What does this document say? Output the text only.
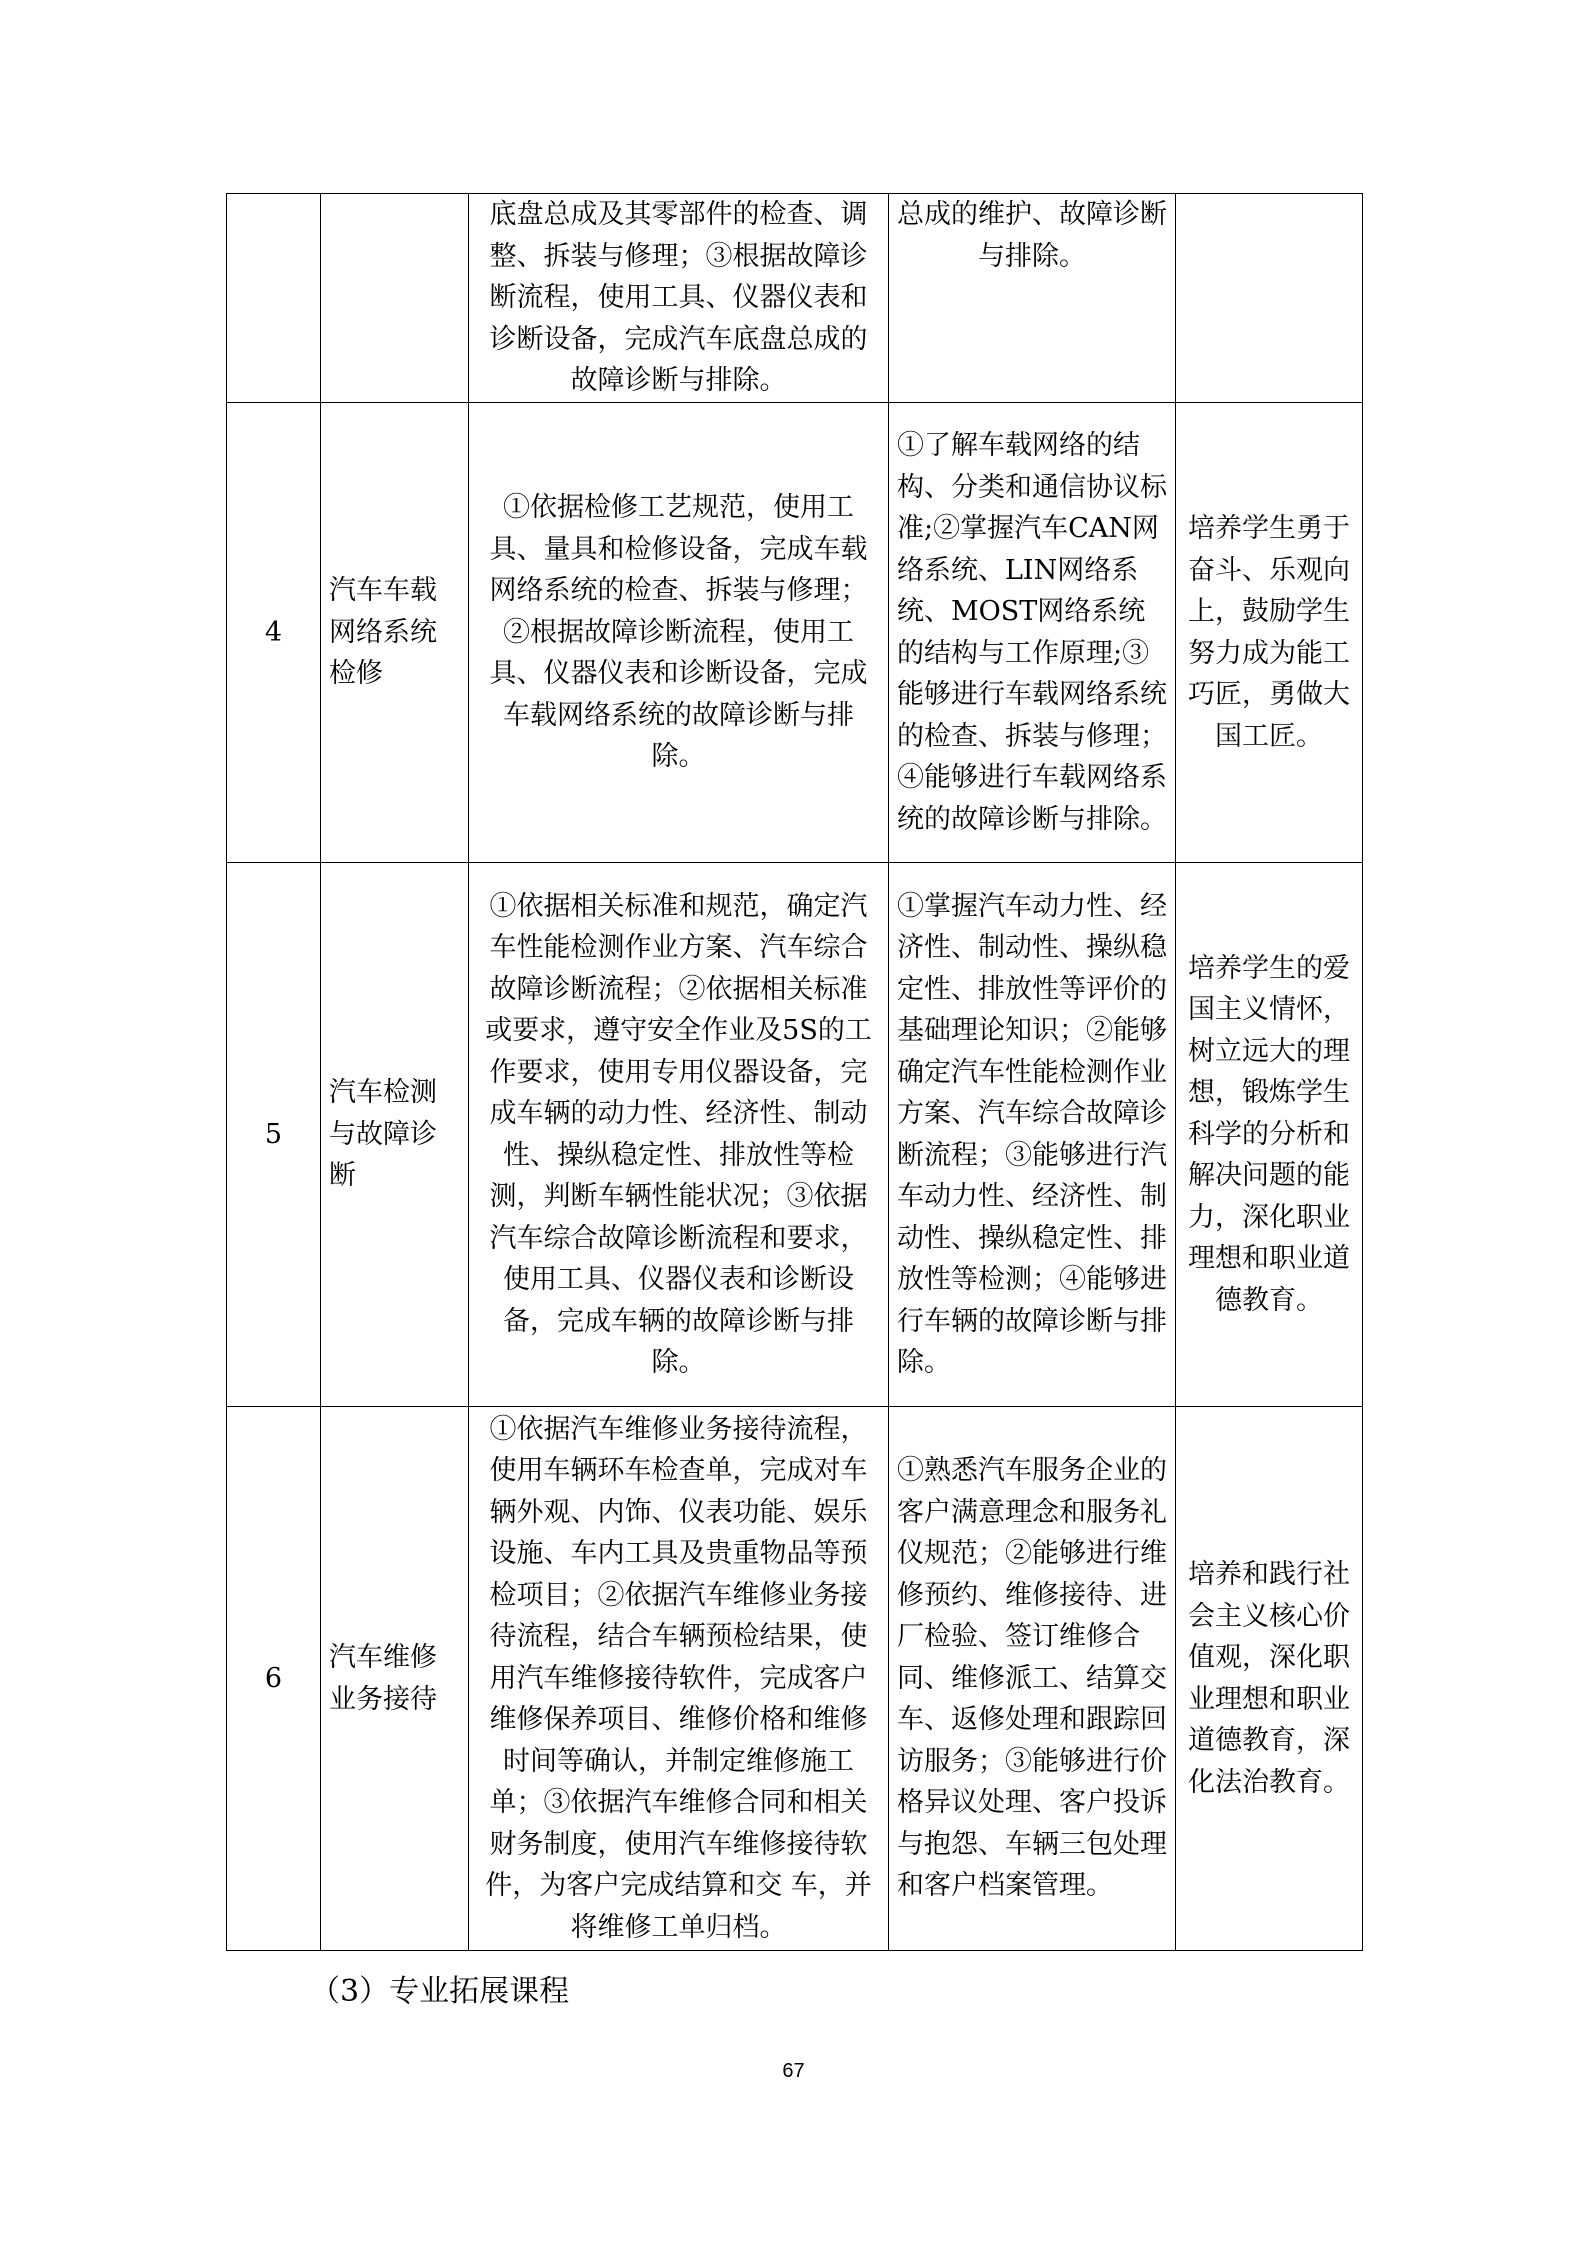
		底盘总成及其零部件的检查、调整、拆装与修理；③根据故障诊断流程，使用工具、仪器仪表和诊断设备，完成汽车底盘总成的故障诊断与排除。	总成的维护、故障诊断与排除。	

4	汽车车载网络系统检修	①依据检修工艺规范，使用工具、量具和检修设备，完成车载网络系统的检查、拆装与修理；②根据故障诊断流程，使用工具、仪器仪表和诊断设备，完成车载网络系统的故障诊断与排除。	①了解车载网络的结构、分类和通信协议标准;②掌握汽车CAN网络系统、LIN网络系统、MOST网络系统的结构与工作原理;③能够进行车载网络系统的检查、拆装与修理；④能够进行车载网络系统的故障诊断与排除。	培养学生勇于奋斗、乐观向上，鼓励学生努力成为能工巧匠，勇做大国工匠。
5	汽车检测与故障诊断	①依据相关标准和规范，确定汽车性能检测作业方案、汽车综合故障诊断流程；②依据相关标准或要求，遵守安全作业及5S的工作要求，使用专用仪器设备，完成车辆的动力性、经济性、制动性、操纵稳定性、排放性等检测，判断车辆性能状况；③依据汽车综合故障诊断流程和要求，使用工具、仪器仪表和诊断设备，完成车辆的故障诊断与排除。	①掌握汽车动力性、经济性、制动性、操纵稳定性、排放性等评价的基础理论知识；②能够确定汽车性能检测作业方案、汽车综合故障诊断流程；③能够进行汽车动力性、经济性、制动性、操纵稳定性、排放性等检测；④能够进行车辆的故障诊断与排除。	培养学生的爱国主义情怀，树立远大的理想，锻炼学生科学的分析和解决问题的能力，深化职业理想和职业道德教育。
6	汽车维修业务接待	①依据汽车维修业务接待流程，使用车辆环车检查单，完成对车辆外观、内饰、仪表功能、娱乐设施、车内工具及贵重物品等预检项目；②依据汽车维修业务接待流程，结合车辆预检结果，使用汽车维修接待软件，完成客户维修保养项目、维修价格和维修时间等确认，并制定维修施工单；③依据汽车维修合同和相关财务制度，使用汽车维修接待软件，为客户完成结算和交 车，并将维修工单归档。	①熟悉汽车服务企业的客户满意理念和服务礼仪规范；②能够进行维修预约、维修接待、进厂检验、签订维修合同、维修派工、结算交车、返修处理和跟踪回访服务；③能够进行价格异议处理、客户投诉与抱怨、车辆三包处理和客户档案管理。	培养和践行社会主义核心价值观，深化职业理想和职业道德教育，深化法治教育。
（3）专业拓展课程
67
